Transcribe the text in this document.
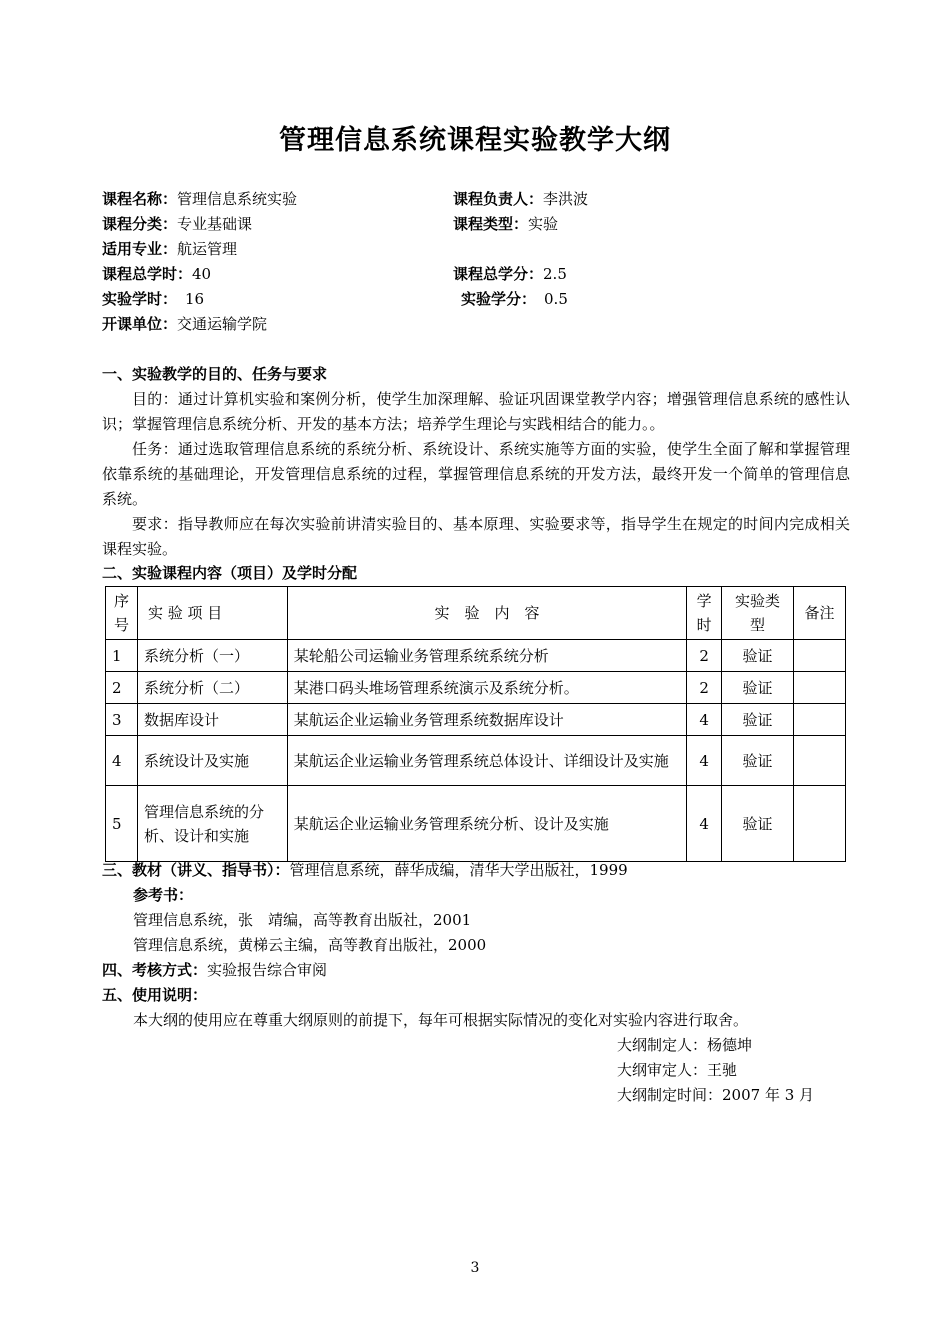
管理信息系统课程实验教学大纲
课程名称：管理信息系统实验	课程负责人：李洪波
课程分类：专业基础课	课程类型：实验
适用专业：航运管理
课程总学时：40	课程总学分：2.5
实验学时： 16	实验学分： 0.5
开课单位：交通运输学院
一、实验教学的目的、任务与要求
目的：通过计算机实验和案例分析，使学生加深理解、验证巩固课堂教学内容；增强管理信息系统的感性认识；掌握管理信息系统分析、开发的基本方法；培养学生理论与实践相结合的能力。。
任务：通过选取管理信息系统的系统分析、系统设计、系统实施等方面的实验，使学生全面了解和掌握管理依靠系统的基础理论，开发管理信息系统的过程，掌握管理信息系统的开发方法，最终开发一个简单的管理信息系统。
要求：指导教师应在每次实验前讲清实验目的、基本原理、实验要求等，指导学生在规定的时间内完成相关课程实验。
二、实验课程内容（项目）及学时分配
序号	实 验 项 目	实　验　内　容	学时	实验类型	备注
1	系统分析（一）	某轮船公司运输业务管理系统系统分析	2	验证	
2	系统分析（二）	某港口码头堆场管理系统演示及系统分析。	2	验证	
3	数据库设计	某航运企业运输业务管理系统数据库设计	4	验证	
4	系统设计及实施	某航运企业运输业务管理系统总体设计、详细设计及实施	4	验证	
5	管理信息系统的分析、设计和实施	某航运企业运输业务管理系统分析、设计及实施	4	验证	
三、教材（讲义、指导书）：管理信息系统，薛华成编，清华大学出版社，1999
参考书：
管理信息系统，张　靖编，高等教育出版社，2001
管理信息系统，黄梯云主编，高等教育出版社，2000
四、考核方式：实验报告综合审阅
五、使用说明：
本大纲的使用应在尊重大纲原则的前提下，每年可根据实际情况的变化对实验内容进行取舍。
大纲制定人：杨德坤
大纲审定人：王驰
大纲制定时间：2007 年 3 月
3
